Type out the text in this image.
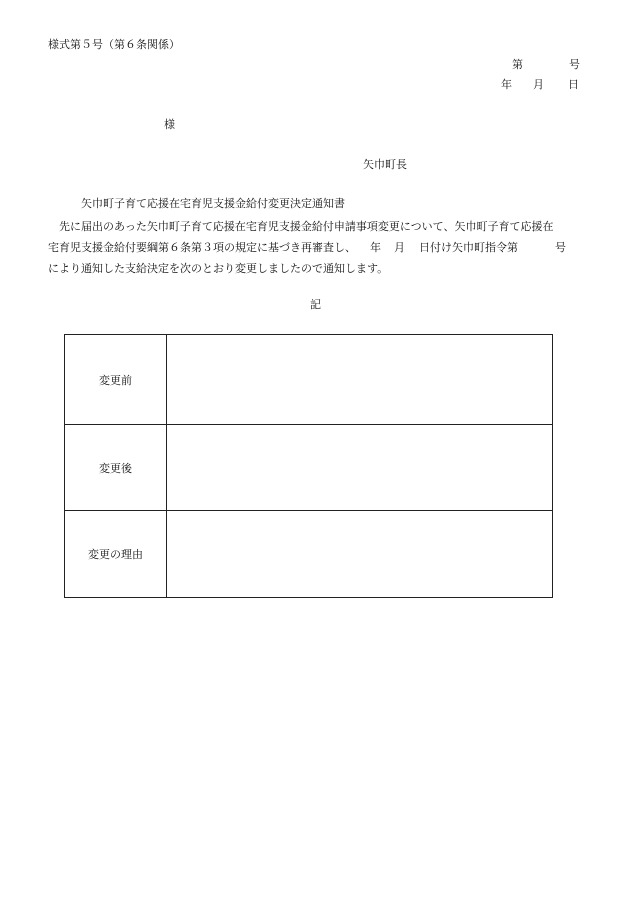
様式第５号（第６条関係）
第	号
年 月 日
様
矢巾町長
矢巾町子育て応援在宅育児支援金給付変更決定通知書
先に届出のあった矢巾町子育て応援在宅育児支援金給付申請事項変更について、矢巾町子育て応援在
宅育児支援金給付要綱第６条第３項の規定に基づき再審査し、 年 月 日付け矢巾町指令第	号
により通知した支給決定を次のとおり変更しましたので通知します。
記
変更前	
変更後	
変更の理由	
